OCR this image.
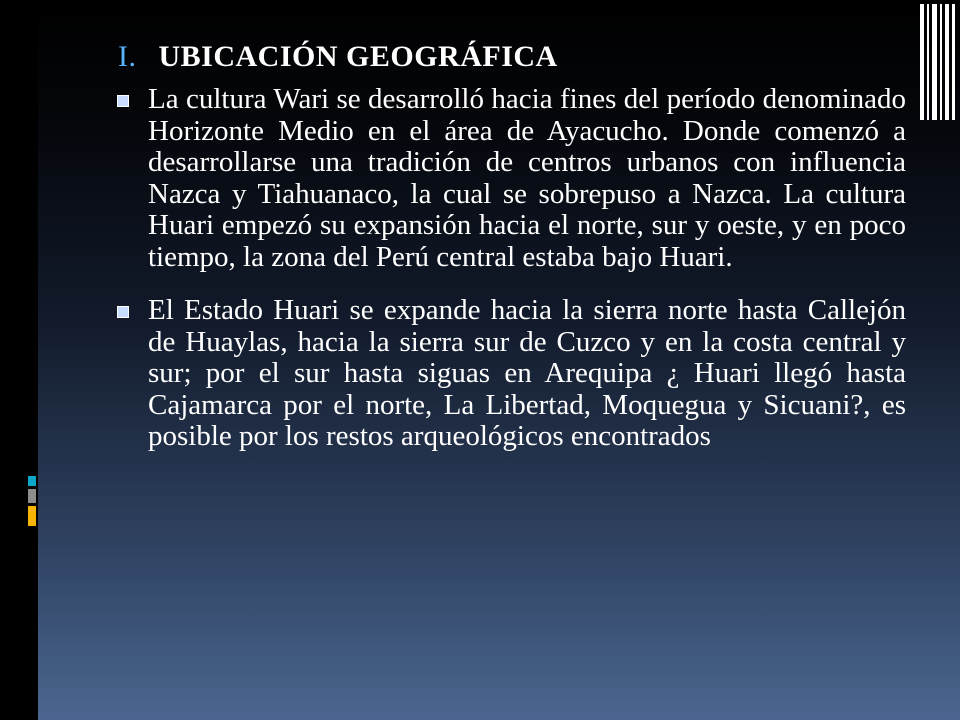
I. UBICACIÓN GEOGRÁFICA
La cultura Wari se desarrolló hacia fines del período denominado Horizonte Medio en el área de Ayacucho. Donde comenzó a desarrollarse una tradición de centros urbanos con influencia Nazca y Tiahuanaco, la cual se sobrepuso a Nazca. La cultura Huari empezó su expansión hacia el norte, sur y oeste, y en poco tiempo, la zona del Perú central estaba bajo Huari.
El Estado Huari se expande hacia la sierra norte hasta Callejón de Huaylas, hacia la sierra sur de Cuzco y en la costa central y sur; por el sur hasta siguas en Arequipa ¿ Huari llegó hasta Cajamarca por el norte, La Libertad, Moquegua y Sicuani?, es posible por los restos arqueológicos encontrados
